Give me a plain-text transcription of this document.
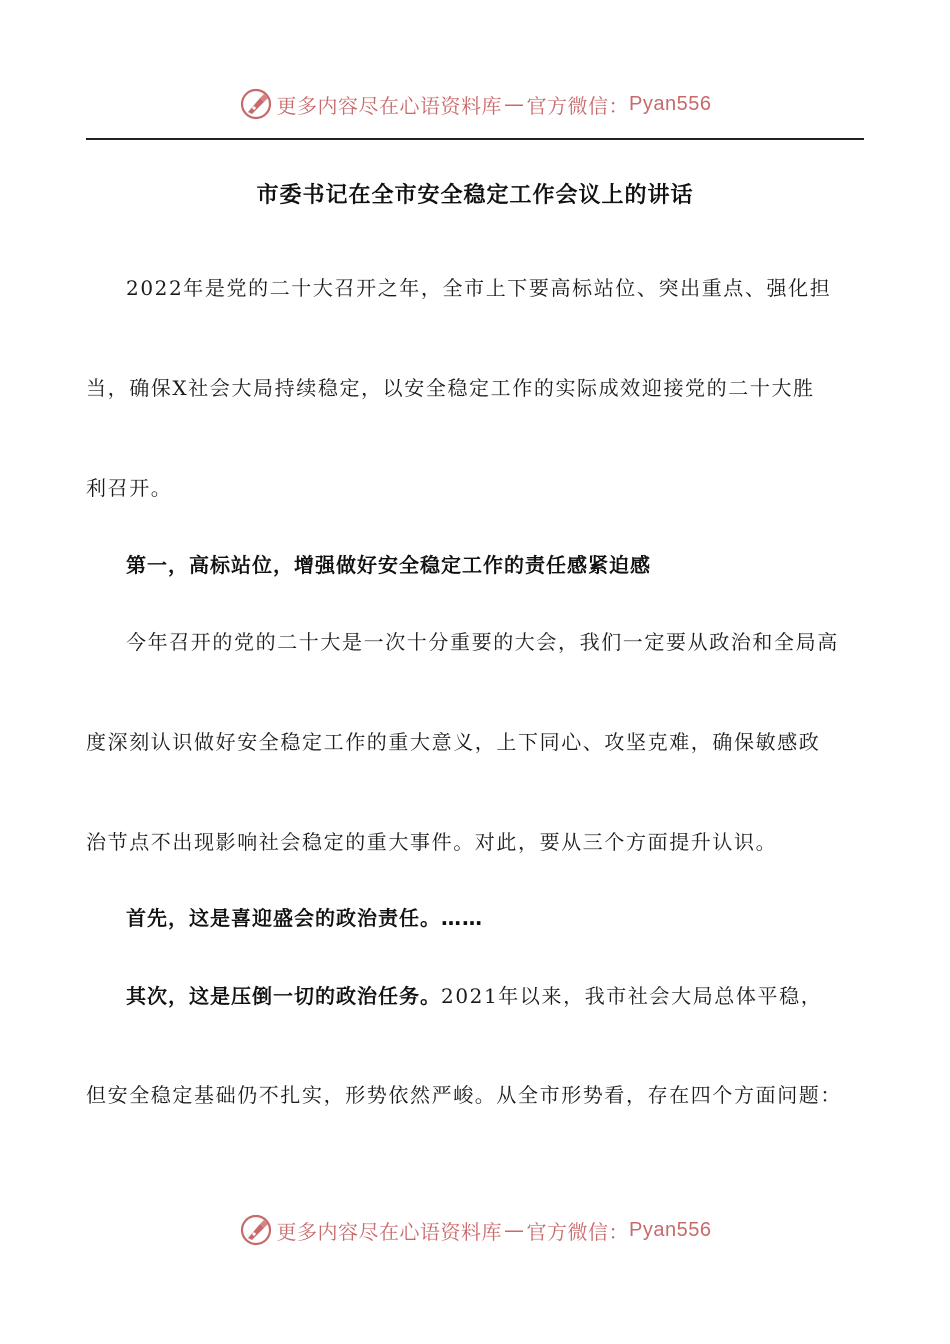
更多内容尽在心语资料库 — 官方微信： Pyan556
市委书记在全市安全稳定工作会议上的讲话
2022年是党的二十大召开之年，全市上下要高标站位、突出重点、强化担
当，确保X社会大局持续稳定，以安全稳定工作的实际成效迎接党的二十大胜
利召开。
第一，高标站位，增强做好安全稳定工作的责任感紧迫感
今年召开的党的二十大是一次十分重要的大会，我们一定要从政治和全局高
度深刻认识做好安全稳定工作的重大意义，上下同心、攻坚克难，确保敏感政
治节点不出现影响社会稳定的重大事件。对此，要从三个方面提升认识。
首先，这是喜迎盛会的政治责任。……
其次，这是压倒一切的政治任务。2021年以来，我市社会大局总体平稳，
但安全稳定基础仍不扎实，形势依然严峻。从全市形势看，存在四个方面问题：
更多内容尽在心语资料库 — 官方微信： Pyan556
